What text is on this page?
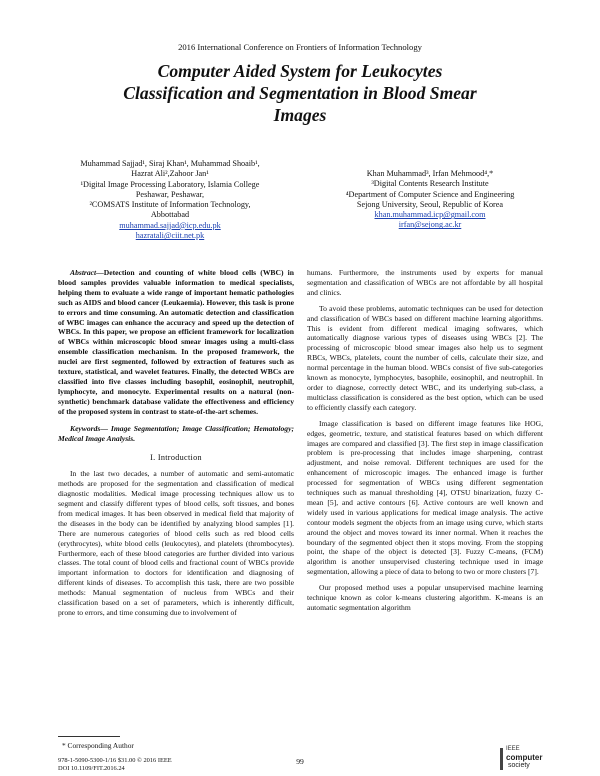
2016 International Conference on Frontiers of Information Technology
Computer Aided System for Leukocytes
Classification and Segmentation in Blood Smear
Images
Muhammad Sajjad¹, Siraj Khan¹, Muhammad Shoaib¹,
Hazrat Ali²,Zahoor Jan¹
¹Digital Image Processing Laboratory, Islamia College
Peshawar, Peshawar,
²COMSATS Institute of Information Technology,
Abbottabad
muhammad.sajjad@icp.edu.pk
hazratali@ciit.net.pk
Khan Muhammad³, Irfan Mehmood⁴,*
³Digital Contents Research Institute
⁴Department of Computer Science and Engineering
Sejong University, Seoul, Republic of Korea
khan.muhammad.icp@gmail.com
irfan@sejong.ac.kr

Abstract—Detection and counting of white blood cells (WBC) in blood samples provides valuable information to medical specialists, helping them to evaluate a wide range of important hematic pathologies such as AIDS and blood cancer (Leukaemia). However, this task is prone to errors and time consuming. An automatic detection and classification of WBC images can enhance the accuracy and speed up the detection of WBCs. In this paper, we propose an efficient framework for localization of WBCs within microscopic blood smear images using a multi-class ensemble classification mechanism. In the proposed framework, the nuclei are first segmented, followed by extraction of features such as texture, statistical, and wavelet features. Finally, the detected WBCs are classified into five classes including basophil, eosinophil, neutrophil, lymphocyte, and monocyte. Experimental results on a natural (non-synthetic) benchmark database validate the effectiveness and efficiency of the proposed system in contrast to state-of-the-art schemes.

Keywords— Image Segmentation; Image Classification; Hematology; Medical Image Analysis.

I. Introduction

In the last two decades, a number of automatic and semi-automatic methods are proposed for the segmentation and classification of medical diagnostic modalities. Medical image processing techniques allow us to segment and classify different types of blood cells, soft tissues, and bones from medical images. It has been observed in medical field that majority of the diseases in the body can be identified by analyzing blood samples [1]. There are numerous categories of blood cells such as red blood cells (erythrocytes), white blood cells (leukocytes), and platelets (thrombocytes). Furthermore, each of these blood categories are further divided into various classes. The total count of blood cells and fractional count of WBCs provide important information to doctors for identification and diagnosing of different kinds of diseases. To accomplish this task, there are two possible methods: Manual segmentation of nucleus from WBCs and their classification based on a set of parameters, which is inherently difficult, prone to errors, and time consuming due to involvement of

humans. Furthermore, the instruments used by experts for manual segmentation and classification of WBCs are not affordable by all hospital and clinics.

To avoid these problems, automatic techniques can be used for detection and classification of WBCs based on different machine learning algorithms. This is evident from different medical imaging softwares, which automatically diagnose various types of diseases using WBCs [2]. The processing of microscopic blood smear images also help us to segment RBCs, WBCs, platelets, count the number of cells, calculate their size, and normal percentage in the human blood. WBCs consist of five sub-categories known as monocyte, lymphocytes, basophile, eosinophil, and neutrophil. In order to diagnose, correctly detect WBC, and its underlying sub-class, a multiclass classification is considered as the best option, which can be used to efficiently classify each category.

Image classification is based on different image features like HOG, edges, geometric, texture, and statistical features based on which different images are compared and classified [3]. The first step in image classification problem is pre-processing that includes image sharpening, contrast adjustment, and noise removal. Different techniques are used for the enhancement of microscopic images. The enhanced image is further processed for segmentation of WBCs using different segmentation techniques such as manual thresholding [4], OTSU binarization, fuzzy C-mean [5], and active contours [6]. Active contours are well known and widely used in various applications for medical image analysis. The active contour models segment the objects from an image using curve, which starts around the object and moves toward its inner normal. When it reaches the boundary of the segmented object then it stops moving. From the stopping point, the shape of the object is detected [3]. Fuzzy C-means, (FCM) algorithm is another unsupervised clustering technique used in image segmentation, allowing a piece of data to belong to two or more clusters [7].

Our proposed method uses a popular unsupervised machine learning technique known as color k-means clustering algorithm. K-means is an automatic segmentation algorithm

* Corresponding Author
978-1-5090-5300-1/16 $31.00 © 2016 IEEE
DOI 10.1109/FIT.2016.24
99
IEEE
computer
society
